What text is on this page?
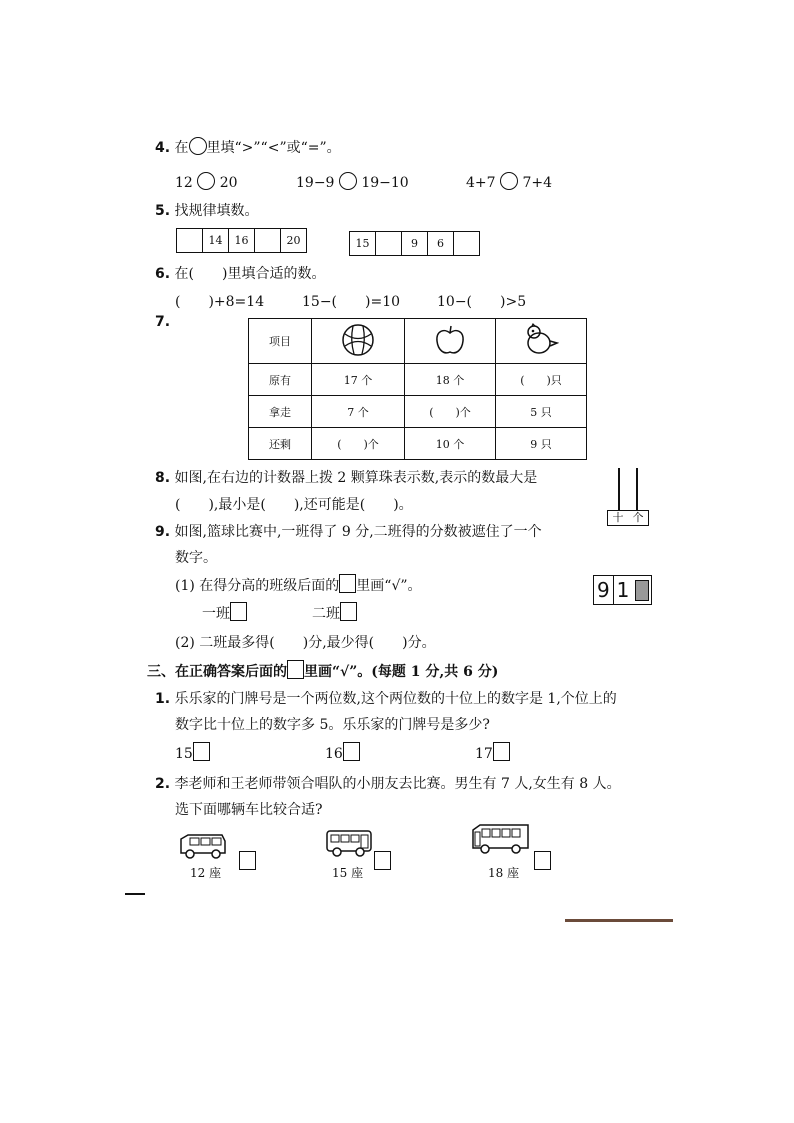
4. 在 里填“>”“<”或“=”。
12 20	19−9 19−10	4+7 7+4
5. 找规律填数。
14	16	20	15	9	6
6. 在(　　)里填合适的数。
(　　)+8=14	15−(　　)=10	10−(　　)>5
7.
项目			
原有	17 个	18 个	(　　)只
拿走	7 个	(　　)个	5 只
还剩	(　　)个	10 个	9 只
8. 如图,在右边的计数器上拨 2 颗算珠表示数,表示的数最大是
(　　),最小是(　　),还可能是(　　)。
十 个
9. 如图,篮球比赛中,一班得了 9 分,二班得的分数被遮住了一个
数字。
(1) 在得分高的班级后面的 里画“√”。
一班	二班
(2) 二班最多得(　　)分,最少得(　　)分。
9 1
三、在正确答案后面的 里画“√”。(每题 1 分,共 6 分)
1. 乐乐家的门牌号是一个两位数,这个两位数的十位上的数字是 1,个位上的
数字比十位上的数字多 5。乐乐家的门牌号是多少?
15	16	17
2. 李老师和王老师带领合唱队的小朋友去比赛。男生有 7 人,女生有 8 人。
选下面哪辆车比较合适?
12 座	15 座	18 座
